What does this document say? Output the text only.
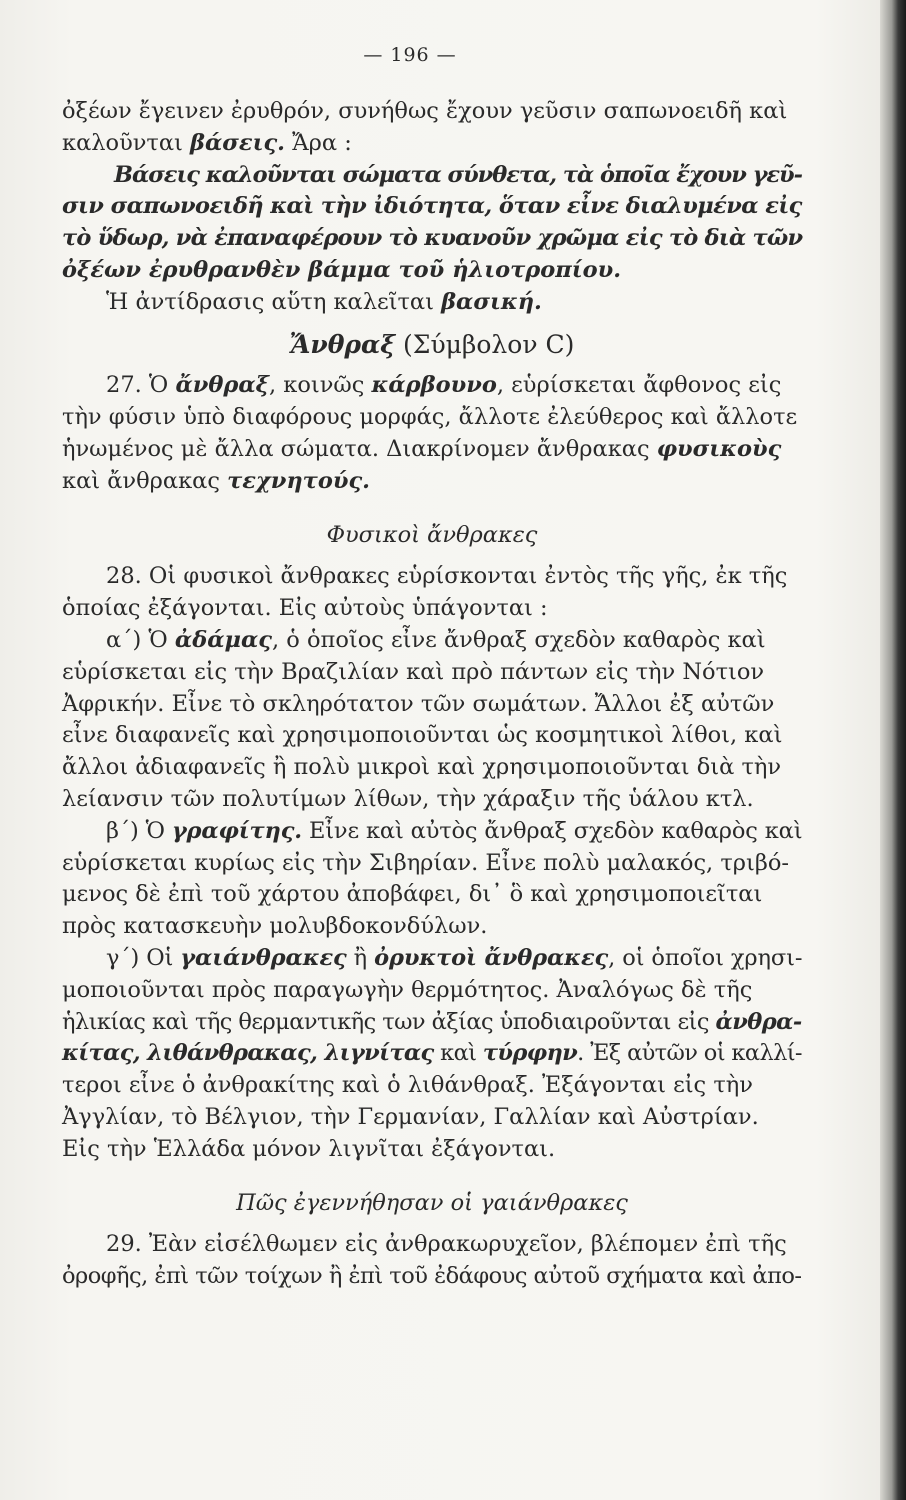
— 196 —
ὀξέων ἔγεινεν ἐρυθρόν, συνήθως ἔχουν γεῦσιν σαπωνοειδῆ καὶ
καλοῦνται βάσεις. Ἄρα :
Βάσεις καλοῦνται σώματα σύνθετα, τὰ ὁποῖα ἔχουν γεῦ-
σιν σαπωνοειδῆ καὶ τὴν ἰδιότητα, ὅταν εἶνε διαλυμένα εἰς
τὸ ὕδωρ, νὰ ἐπαναφέρουν τὸ κυανοῦν χρῶμα εἰς τὸ διὰ τῶν
ὀξέων ἐρυθρανθὲν βάμμα τοῦ ἡλιοτροπίου.
Ἡ ἀντίδρασις αὕτη καλεῖται βασική.
Ἄνθραξ (Σύμβολον C)
27. Ὁ ἄνθραξ, κοινῶς κάρβουνο, εὑρίσκεται ἄφθονος εἰς
τὴν φύσιν ὑπὸ διαφόρους μορφάς, ἄλλοτε ἐλεύθερος καὶ ἄλλοτε
ἡνωμένος μὲ ἄλλα σώματα. Διακρίνομεν ἄνθρακας φυσικοὺς
καὶ ἄνθρακας τεχνητούς.
Φυσικοὶ ἄνθρακες
28. Οἱ φυσικοὶ ἄνθρακες εὑρίσκονται ἐντὸς τῆς γῆς, ἐκ τῆς
ὁποίας ἐξάγονται. Εἰς αὐτοὺς ὑπάγονται :
α΄) Ὁ ἀδάμας, ὁ ὁποῖος εἶνε ἄνθραξ σχεδὸν καθαρὸς καὶ
εὑρίσκεται εἰς τὴν Βραζιλίαν καὶ πρὸ πάντων εἰς τὴν Νότιον
Ἀφρικήν. Εἶνε τὸ σκληρότατον τῶν σωμάτων. Ἄλλοι ἐξ αὐτῶν
εἶνε διαφανεῖς καὶ χρησιμοποιοῦνται ὡς κοσμητικοὶ λίθοι, καὶ
ἄλλοι ἀδιαφανεῖς ἢ πολὺ μικροὶ καὶ χρησιμοποιοῦνται διὰ τὴν
λείανσιν τῶν πολυτίμων λίθων, τὴν χάραξιν τῆς ὑάλου κτλ.
β΄) Ὁ γραφίτης. Εἶνε καὶ αὐτὸς ἄνθραξ σχεδὸν καθαρὸς καὶ
εὑρίσκεται κυρίως εἰς τὴν Σιβηρίαν. Εἶνε πολὺ μαλακός, τριβό-
μενος δὲ ἐπὶ τοῦ χάρτου ἀποβάφει, δι᾽ ὃ καὶ χρησιμοποιεῖται
πρὸς κατασκευὴν μολυβδοκονδύλων.
γ΄) Οἱ γαιάνθρακες ἢ ὀρυκτοὶ ἄνθρακες, οἱ ὁποῖοι χρησι-
μοποιοῦνται πρὸς παραγωγὴν θερμότητος. Ἀναλόγως δὲ τῆς
ἡλικίας καὶ τῆς θερμαντικῆς των ἀξίας ὑποδιαιροῦνται εἰς ἀνθρα-
κίτας, λιθάνθρακας, λιγνίτας καὶ τύρφην. Ἐξ αὐτῶν οἱ καλλί-
τεροι εἶνε ὁ ἀνθρακίτης καὶ ὁ λιθάνθραξ. Ἐξάγονται εἰς τὴν
Ἀγγλίαν, τὸ Βέλγιον, τὴν Γερμανίαν, Γαλλίαν καὶ Αὐστρίαν.
Εἰς τὴν Ἑλλάδα μόνον λιγνῖται ἐξάγονται.
Πῶς ἐγεννήθησαν οἱ γαιάνθρακες
29. Ἐὰν εἰσέλθωμεν εἰς ἀνθρακωρυχεῖον, βλέπομεν ἐπὶ τῆς
ὀροφῆς, ἐπὶ τῶν τοίχων ἢ ἐπὶ τοῦ ἐδάφους αὐτοῦ σχήματα καὶ ἀπο-
